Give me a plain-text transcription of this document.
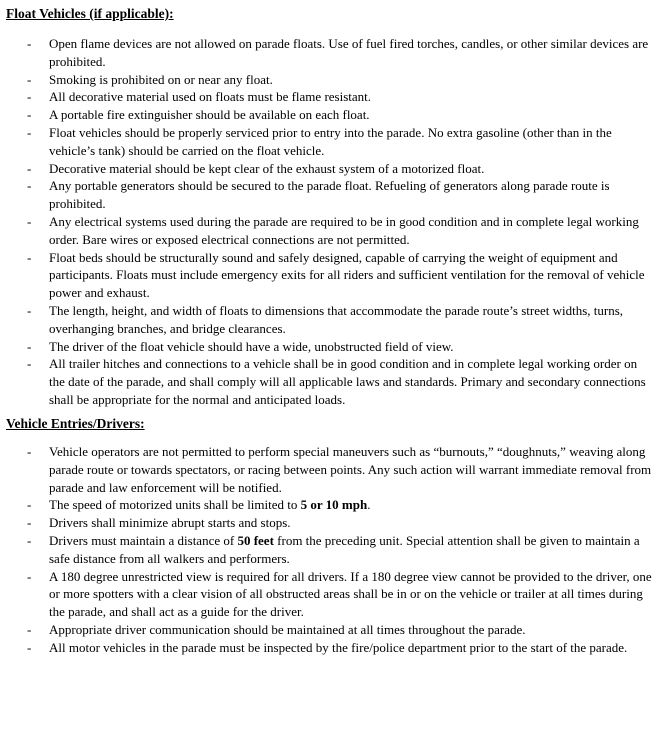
Float Vehicles (if applicable):
- Open flame devices are not allowed on parade floats. Use of fuel fired torches, candles, or other similar devices are prohibited.
- Smoking is prohibited on or near any float.
- All decorative material used on floats must be flame resistant.
- A portable fire extinguisher should be available on each float.
- Float vehicles should be properly serviced prior to entry into the parade. No extra gasoline (other than in the vehicle’s tank) should be carried on the float vehicle.
- Decorative material should be kept clear of the exhaust system of a motorized float.
- Any portable generators should be secured to the parade float. Refueling of generators along parade route is prohibited.
- Any electrical systems used during the parade are required to be in good condition and in complete legal working order. Bare wires or exposed electrical connections are not permitted.
- Float beds should be structurally sound and safely designed, capable of carrying the weight of equipment and participants. Floats must include emergency exits for all riders and sufficient ventilation for the removal of vehicle power and exhaust.
- The length, height, and width of floats to dimensions that accommodate the parade route’s street widths, turns, overhanging branches, and bridge clearances.
- The driver of the float vehicle should have a wide, unobstructed field of view.
- All trailer hitches and connections to a vehicle shall be in good condition and in complete legal working order on the date of the parade, and shall comply will all applicable laws and standards. Primary and secondary connections shall be appropriate for the normal and anticipated loads.
Vehicle Entries/Drivers:
- Vehicle operators are not permitted to perform special maneuvers such as “burnouts,” “doughnuts,” weaving along parade route or towards spectators, or racing between points. Any such action will warrant immediate removal from parade and law enforcement will be notified.
- The speed of motorized units shall be limited to 5 or 10 mph.
- Drivers shall minimize abrupt starts and stops.
- Drivers must maintain a distance of 50 feet from the preceding unit. Special attention shall be given to maintain a safe distance from all walkers and performers.
- A 180 degree unrestricted view is required for all drivers. If a 180 degree view cannot be provided to the driver, one or more spotters with a clear vision of all obstructed areas shall be in or on the vehicle or trailer at all times during the parade, and shall act as a guide for the driver.
- Appropriate driver communication should be maintained at all times throughout the parade.
- All motor vehicles in the parade must be inspected by the fire/police department prior to the start of the parade.
